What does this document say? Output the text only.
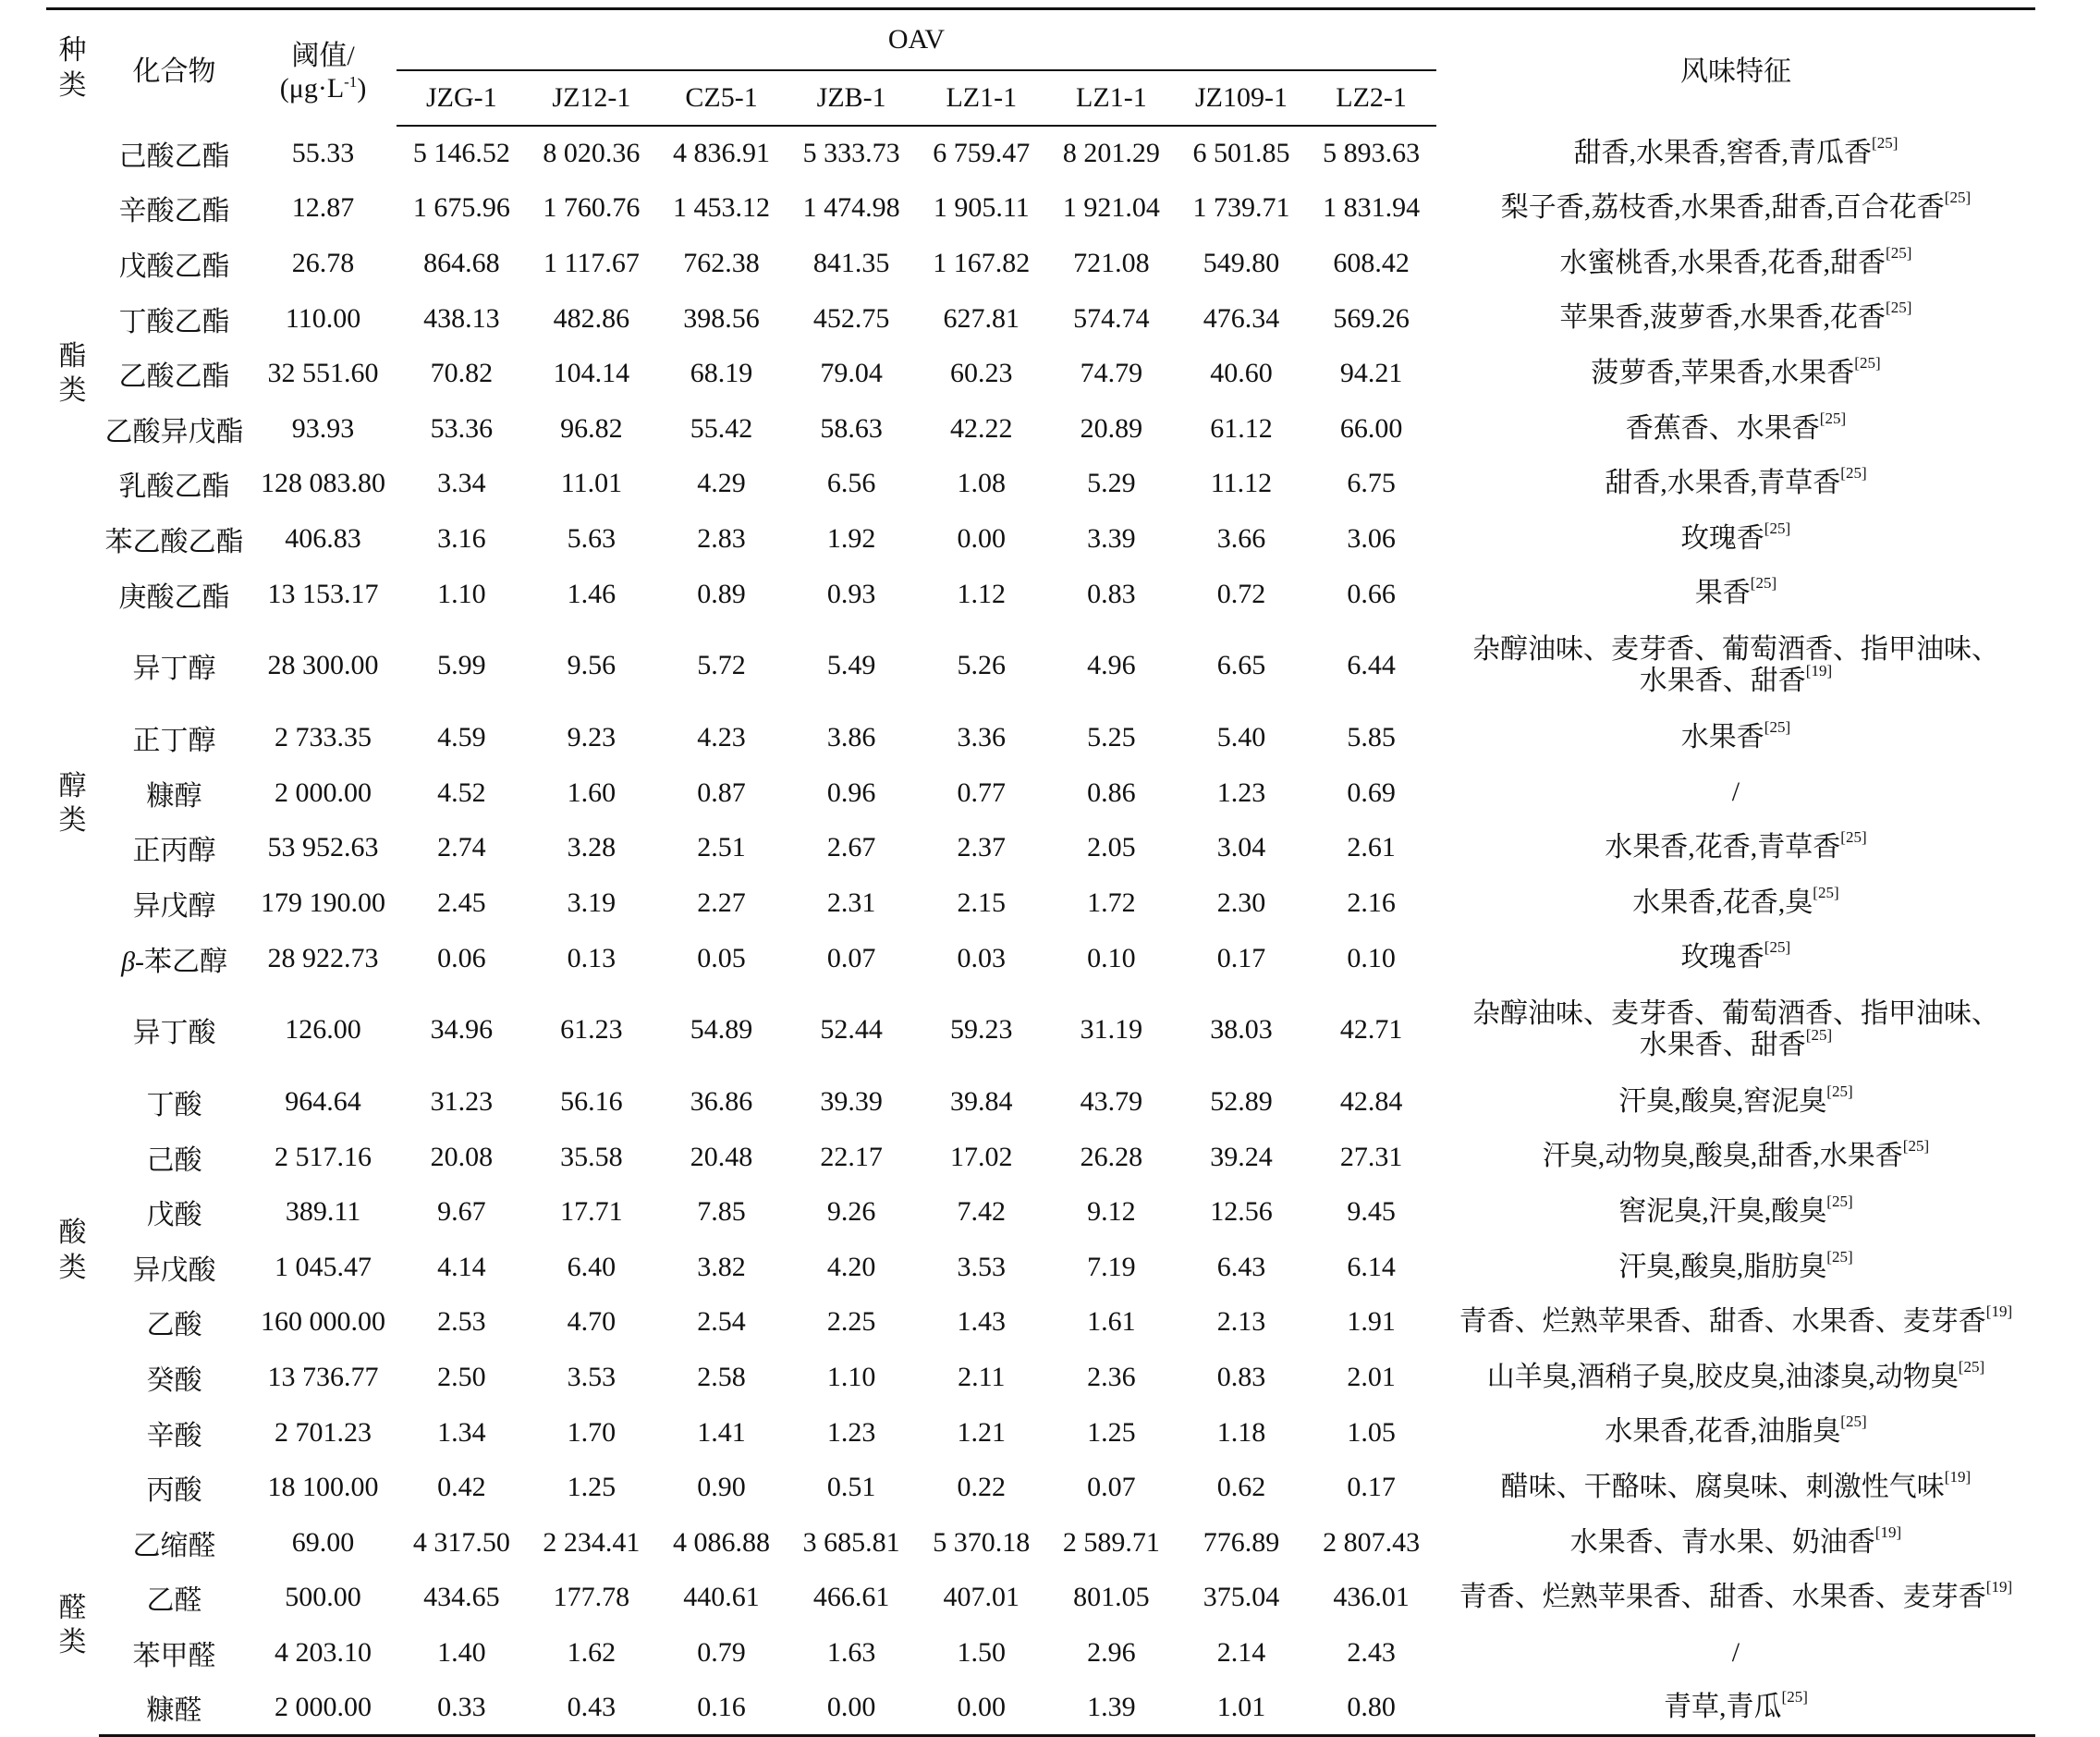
种类	化合物	阈值/
$(\mu g\cdot L^{-1})$	OAV								风味特征
			JZG-1	JZ12-1	CZ5-1	JZB-1	LZ1-1	LZ1-1	JZ109-1	LZ2-1	
酯类	己酸乙酯	55.33	5 146.52	8 020.36	4 836.91	5 333.73	6 759.47	8 201.29	6 501.85	5 893.63	甜香,水果香,窖香,青瓜香[25]

	辛酸乙酯	12.87	1 675.96	1 760.76	1 453.12	1 474.98	1 905.11	1 921.04	1 739.71	1 831.94	梨子香,荔枝香,水果香,甜香,百合花香[25]

	戊酸乙酯	26.78	864.68	1 117.67	762.38	841.35	1 167.82	721.08	549.80	608.42	水蜜桃香,水果香,花香,甜香[25]

	丁酸乙酯	110.00	438.13	482.86	398.56	452.75	627.81	574.74	476.34	569.26	苹果香,菠萝香,水果香,花香[25]

	乙酸乙酯	32 551.60	70.82	104.14	68.19	79.04	60.23	74.79	40.60	94.21	菠萝香,苹果香,水果香[25]

	乙酸异戊酯	93.93	53.36	96.82	55.42	58.63	42.22	20.89	61.12	66.00	香蕉香、水果香[25]

	乳酸乙酯	128 083.80	3.34	11.01	4.29	6.56	1.08	5.29	11.12	6.75	甜香,水果香,青草香[25]

	苯乙酸乙酯	406.83	3.16	5.63	2.83	1.92	0.00	3.39	3.66	3.06	玫瑰香[25]

	庚酸乙酯	13 153.17	1.10	1.46	0.89	0.93	1.12	0.83	0.72	0.66	果香[25]

醇类	异丁醇	28 300.00	5.99	9.56	5.72	5.49	5.26	4.96	6.65	6.44	杂醇油味、麦芽香、葡萄酒香、指甲油味、
水果香、甜香[19]

	正丁醇	2 733.35	4.59	9.23	4.23	3.86	3.36	5.25	5.40	5.85	水果香[25]

	糠醇	2 000.00	4.52	1.60	0.87	0.96	0.77	0.86	1.23	0.69	/

	正丙醇	53 952.63	2.74	3.28	2.51	2.67	2.37	2.05	3.04	2.61	水果香,花香,青草香[25]

	异戊醇	179 190.00	2.45	3.19	2.27	2.31	2.15	1.72	2.30	2.16	水果香,花香,臭[25]

	β-苯乙醇	28 922.73	0.06	0.13	0.05	0.07	0.03	0.10	0.17	0.10	玫瑰香[25]

酸类	异丁酸	126.00	34.96	61.23	54.89	52.44	59.23	31.19	38.03	42.71	杂醇油味、麦芽香、葡萄酒香、指甲油味、
水果香、甜香[25]

	丁酸	964.64	31.23	56.16	36.86	39.39	39.84	43.79	52.89	42.84	汗臭,酸臭,窖泥臭[25]

	己酸	2 517.16	20.08	35.58	20.48	22.17	17.02	26.28	39.24	27.31	汗臭,动物臭,酸臭,甜香,水果香[25]

	戊酸	389.11	9.67	17.71	7.85	9.26	7.42	9.12	12.56	9.45	窖泥臭,汗臭,酸臭[25]

	异戊酸	1 045.47	4.14	6.40	3.82	4.20	3.53	7.19	6.43	6.14	汗臭,酸臭,脂肪臭[25]

	乙酸	160 000.00	2.53	4.70	2.54	2.25	1.43	1.61	2.13	1.91	青香、烂熟苹果香、甜香、水果香、麦芽香[19]

	癸酸	13 736.77	2.50	3.53	2.58	1.10	2.11	2.36	0.83	2.01	山羊臭,酒稍子臭,胶皮臭,油漆臭,动物臭[25]

	辛酸	2 701.23	1.34	1.70	1.41	1.23	1.21	1.25	1.18	1.05	水果香,花香,油脂臭[25]

	丙酸	18 100.00	0.42	1.25	0.90	0.51	0.22	0.07	0.62	0.17	醋味、干酪味、腐臭味、刺激性气味[19]

醛类	乙缩醛	69.00	4 317.50	2 234.41	4 086.88	3 685.81	5 370.18	2 589.71	776.89	2 807.43	水果香、青水果、奶油香[19]

	乙醛	500.00	434.65	177.78	440.61	466.61	407.01	801.05	375.04	436.01	青香、烂熟苹果香、甜香、水果香、麦芽香[19]

	苯甲醛	4 203.10	1.40	1.62	0.79	1.63	1.50	2.96	2.14	2.43	/

	糠醛	2 000.00	0.33	0.43	0.16	0.00	0.00	1.39	1.01	0.80	青草,青瓜[25]
